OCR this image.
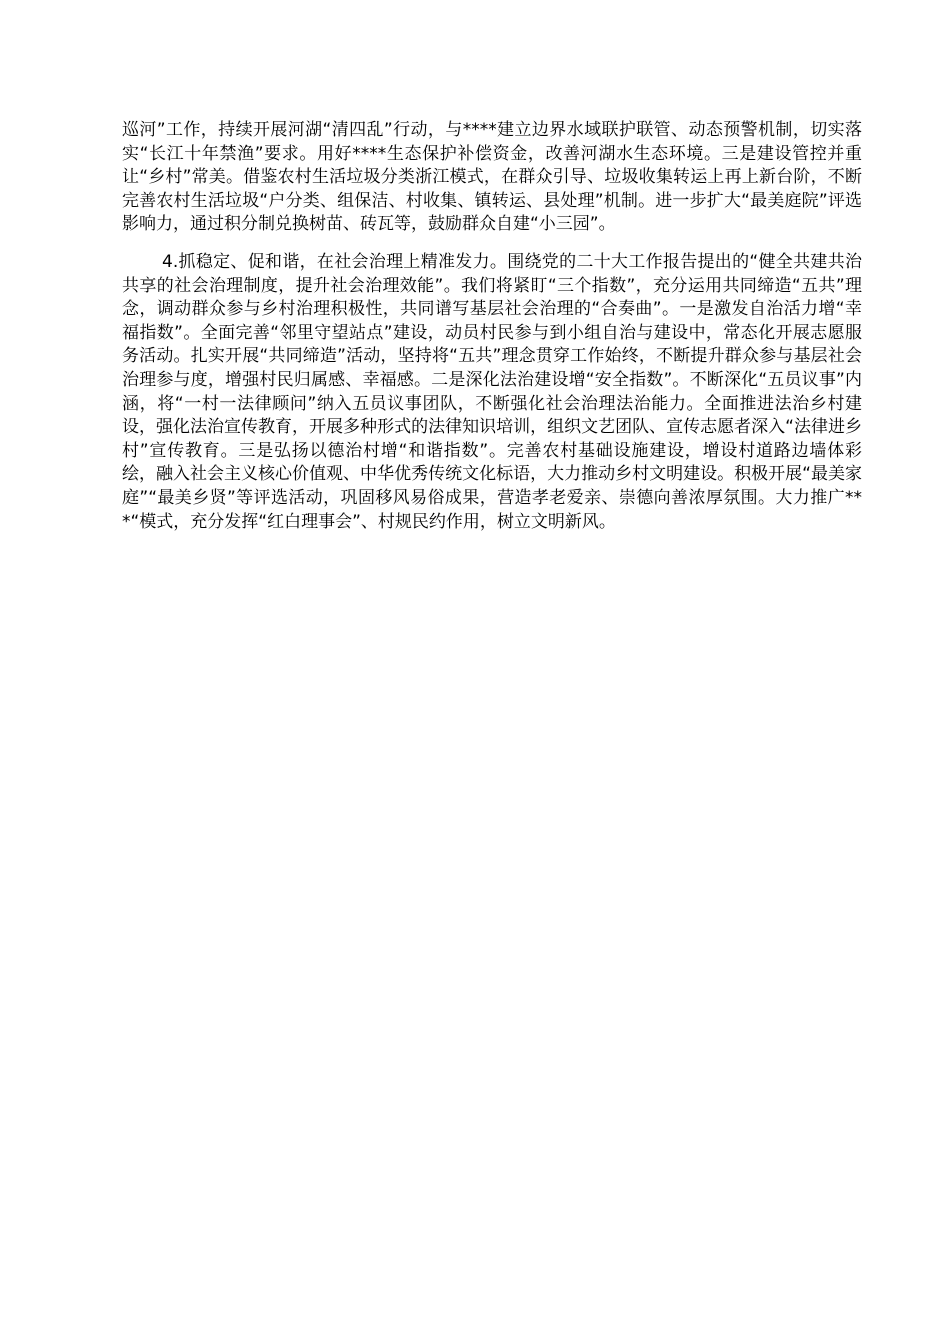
巡河”工作，持续开展河湖“清四乱”行动，与****建立边界水域联护联管、动态预警机制，切实落实“长江十年禁渔”要求。用好****生态保护补偿资金，改善河湖水生态环境。三是建设管控并重让“乡村”常美。借鉴农村生活垃圾分类浙江模式，在群众引导、垃圾收集转运上再上新台阶，不断完善农村生活垃圾“户分类、组保洁、村收集、镇转运、县处理”机制。进一步扩大“最美庭院”评选影响力，通过积分制兑换树苗、砖瓦等，鼓励群众自建“小三园”。

4.抓稳定、促和谐，在社会治理上精准发力。围绕党的二十大工作报告提出的“健全共建共治共享的社会治理制度，提升社会治理效能”。我们将紧盯“三个指数”，充分运用共同缔造“五共”理念，调动群众参与乡村治理积极性，共同谱写基层社会治理的“合奏曲”。一是激发自治活力增“幸福指数”。全面完善“邻里守望站点”建设，动员村民参与到小组自治与建设中，常态化开展志愿服务活动。扎实开展“共同缔造”活动，坚持将“五共”理念贯穿工作始终，不断提升群众参与基层社会治理参与度，增强村民归属感、幸福感。二是深化法治建设增“安全指数”。不断深化“五员议事”内涵，将“一村一法律顾问”纳入五员议事团队，不断强化社会治理法治能力。全面推进法治乡村建设，强化法治宣传教育，开展多种形式的法律知识培训，组织文艺团队、宣传志愿者深入“法律进乡村”宣传教育。三是弘扬以德治村增“和谐指数”。完善农村基础设施建设，增设村道路边墙体彩绘，融入社会主义核心价值观、中华优秀传统文化标语，大力推动乡村文明建设。积极开展“最美家庭”“最美乡贤”等评选活动，巩固移风易俗成果，营造孝老爱亲、崇德向善浓厚氛围。大力推广***“模式，充分发挥“红白理事会”、村规民约作用，树立文明新风。
